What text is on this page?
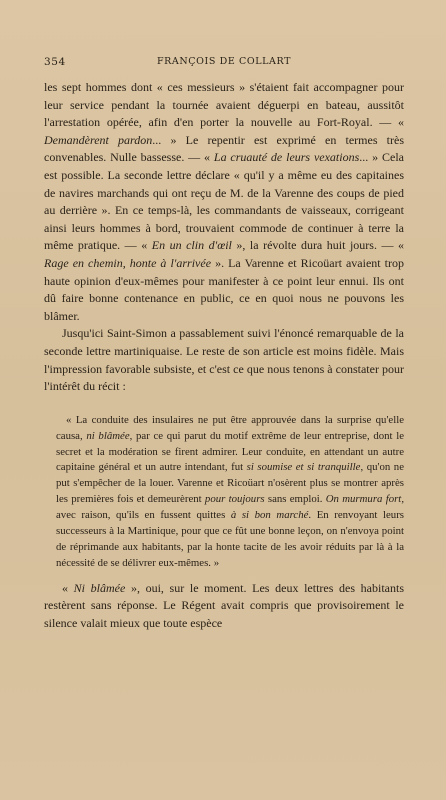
354	FRANÇOIS DE COLLART

les sept hommes dont « ces messieurs » s'étaient fait accompagner pour leur service pendant la tournée avaient déguerpi en bateau, aussitôt l'arrestation opérée, afin d'en porter la nouvelle au Fort-Royal. — « Demandèrent pardon... » Le repentir est exprimé en termes très convenables. Nulle bassesse. — « La cruauté de leurs vexations... » Cela est possible. La seconde lettre déclare « qu'il y a même eu des capitaines de navires marchands qui ont reçu de M. de la Varenne des coups de pied au derrière ». En ce temps-là, les commandants de vaisseaux, corrigeant ainsi leurs hommes à bord, trouvaient commode de continuer à terre la même pratique. — « En un clin d'œil », la révolte dura huit jours. — « Rage en chemin, honte à l'arrivée ». La Varenne et Ricoüart avaient trop haute opinion d'eux-mêmes pour manifester à ce point leur ennui. Ils ont dû faire bonne contenance en public, ce en quoi nous ne pouvons les blâmer.

Jusqu'ici Saint-Simon a passablement suivi l'énoncé remarquable de la seconde lettre martiniquaise. Le reste de son article est moins fidèle. Mais l'impression favorable subsiste, et c'est ce que nous tenons à constater pour l'intérêt du récit :

« La conduite des insulaires ne put être approuvée dans la surprise qu'elle causa, ni blâmée, par ce qui parut du motif extrême de leur entreprise, dont le secret et la modération se firent admirer. Leur conduite, en attendant un autre capitaine général et un autre intendant, fut si soumise et si tranquille, qu'on ne put s'empêcher de la louer. Varenne et Ricoüart n'osèrent plus se montrer après les premières fois et demeurèrent pour toujours sans emploi. On murmura fort, avec raison, qu'ils en fussent quittes à si bon marché. En renvoyant leurs successeurs à la Martinique, pour que ce fût une bonne leçon, on n'envoya point de réprimande aux habitants, par la honte tacite de les avoir réduits par là à la nécessité de se délivrer eux-mêmes. »

« Ni blâmée », oui, sur le moment. Les deux lettres des habitants restèrent sans réponse. Le Régent avait compris que provisoirement le silence valait mieux que toute espèce
